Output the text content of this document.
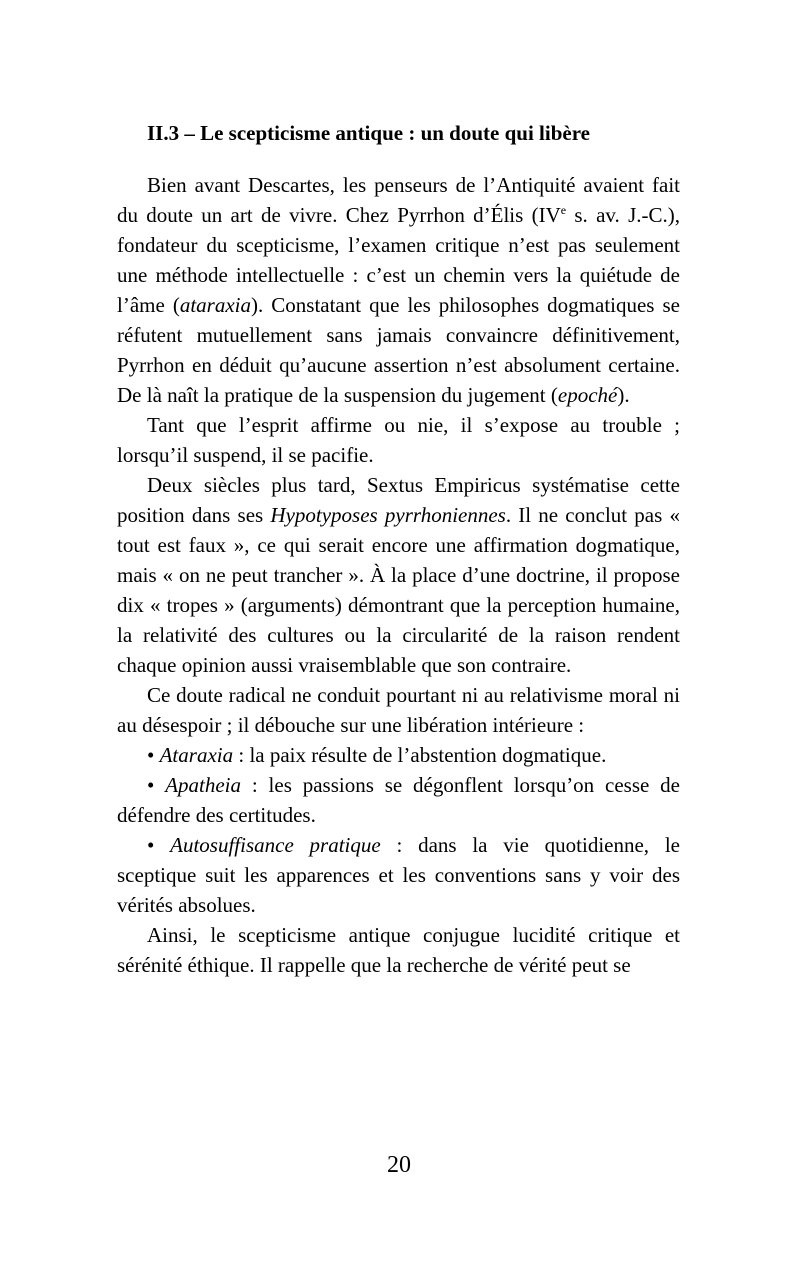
II.3 – Le scepticisme antique : un doute qui libère

Bien avant Descartes, les penseurs de l’Antiquité avaient fait du doute un art de vivre. Chez Pyrrhon d’Élis (IVe s. av. J.-C.), fondateur du scepticisme, l’examen critique n’est pas seulement une méthode intellectuelle : c’est un chemin vers la quiétude de l’âme (ataraxia). Constatant que les philosophes dogmatiques se réfutent mutuellement sans jamais convaincre définitivement, Pyrrhon en déduit qu’aucune assertion n’est absolument certaine. De là naît la pratique de la suspension du jugement (epoché).

Tant que l’esprit affirme ou nie, il s’expose au trouble ; lorsqu’il suspend, il se pacifie.

Deux siècles plus tard, Sextus Empiricus systématise cette position dans ses Hypotyposes pyrrhoniennes. Il ne conclut pas « tout est faux », ce qui serait encore une affirmation dogmatique, mais « on ne peut trancher ». À la place d’une doctrine, il propose dix « tropes » (arguments) démontrant que la perception humaine, la relativité des cultures ou la circularité de la raison rendent chaque opinion aussi vraisemblable que son contraire.

Ce doute radical ne conduit pourtant ni au relativisme moral ni au désespoir ; il débouche sur une libération intérieure :

• Ataraxia : la paix résulte de l’abstention dogmatique.

• Apatheia : les passions se dégonflent lorsqu’on cesse de défendre des certitudes.

• Autosuffisance pratique : dans la vie quotidienne, le sceptique suit les apparences et les conventions sans y voir des vérités absolues.

Ainsi, le scepticisme antique conjugue lucidité critique et sérénité éthique. Il rappelle que la recherche de vérité peut se

20
